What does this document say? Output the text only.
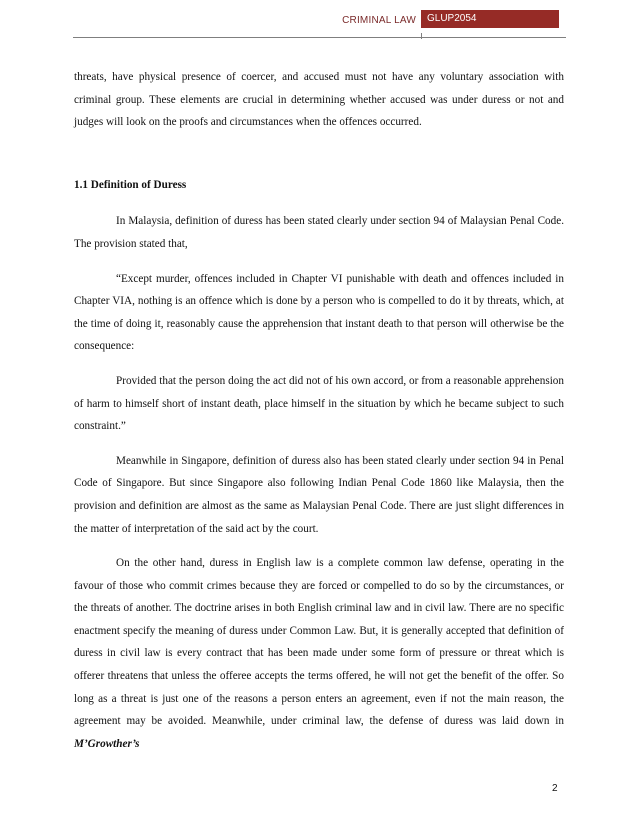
CRIMINAL LAW	GLUP2054

threats, have physical presence of coercer, and accused must not have any voluntary association with criminal group. These elements are crucial in determining whether accused was under duress or not and judges will look on the proofs and circumstances when the offences occurred.

1.1 Definition of Duress

In Malaysia, definition of duress has been stated clearly under section 94 of Malaysian Penal Code. The provision stated that,

“Except murder, offences included in Chapter VI punishable with death and offences included in Chapter VIA, nothing is an offence which is done by a person who is compelled to do it by threats, which, at the time of doing it, reasonably cause the apprehension that instant death to that person will otherwise be the consequence:

Provided that the person doing the act did not of his own accord, or from a reasonable apprehension of harm to himself short of instant death, place himself in the situation by which he became subject to such constraint.”

Meanwhile in Singapore, definition of duress also has been stated clearly under section 94 in Penal Code of Singapore. But since Singapore also following Indian Penal Code 1860 like Malaysia, then the provision and definition are almost as the same as Malaysian Penal Code. There are just slight differences in the matter of interpretation of the said act by the court.

On the other hand, duress in English law is a complete common law defense, operating in the favour of those who commit crimes because they are forced or compelled to do so by the circumstances, or the threats of another. The doctrine arises in both English criminal law and in civil law. There are no specific enactment specify the meaning of duress under Common Law. But, it is generally accepted that definition of duress in civil law is every contract that has been made under some form of pressure or threat which is offerer threatens that unless the offeree accepts the terms offered, he will not get the benefit of the offer. So long as a threat is just one of the reasons a person enters an agreement, even if not the main reason, the agreement may be avoided. Meanwhile, under criminal law, the defense of duress was laid down in M’Growther’s

2
